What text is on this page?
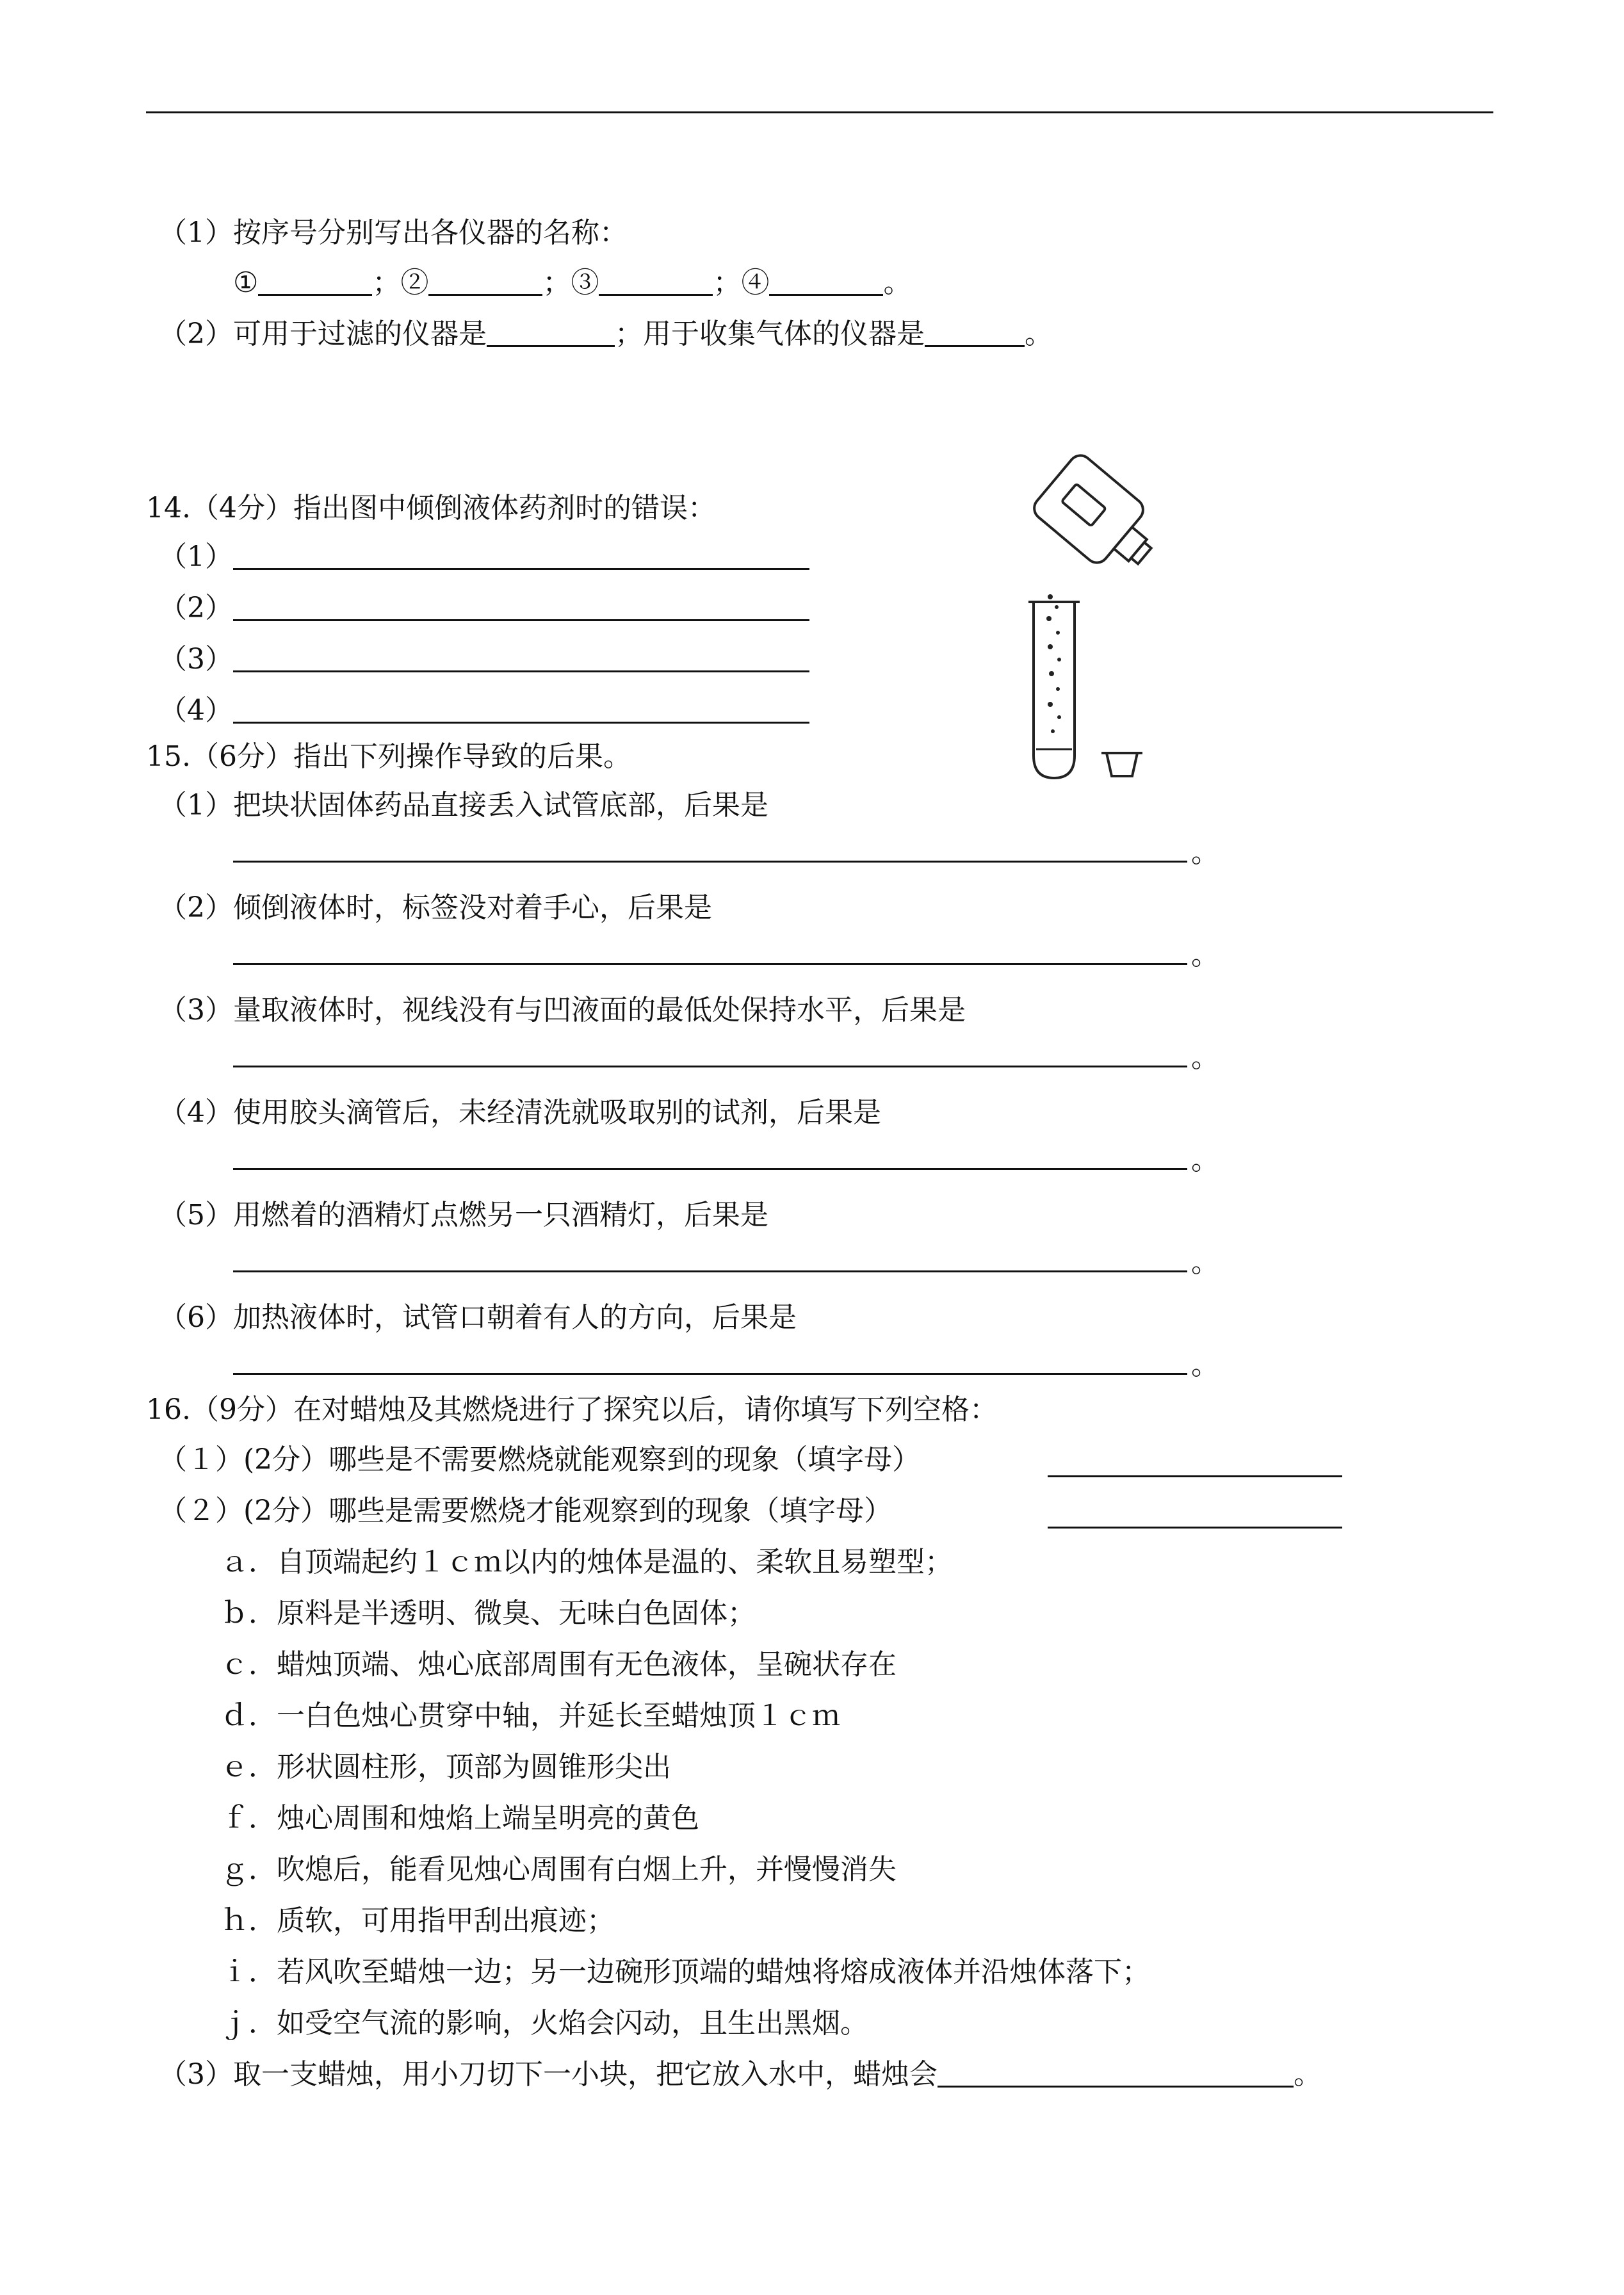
（1）按序号分别写出各仪器的名称：
①	；②	；③	；④	。
（2）可用于过滤的仪器是	；用于收集气体的仪器是	。
14.（4分）指出图中倾倒液体药剂时的错误：
（1）
（2）
（3）
（4）
15.（6分）指出下列操作导致的后果。
（1）把块状固体药品直接丢入试管底部，后果是
。
（2）倾倒液体时，标签没对着手心，后果是
。
（3）量取液体时，视线没有与凹液面的最低处保持水平，后果是
。
（4）使用胶头滴管后，未经清洗就吸取别的试剂，后果是
。
（5）用燃着的酒精灯点燃另一只酒精灯，后果是
。
（6）加热液体时，试管口朝着有人的方向，后果是
。
16.（9分）在对蜡烛及其燃烧进行了探究以后，请你填写下列空格：
（１）(2分）哪些是不需要燃烧就能观察到的现象（填字母）
（２）(2分）哪些是需要燃烧才能观察到的现象（填字母）
ａ．自顶端起约１ｃｍ以内的烛体是温的、柔软且易塑型；
ｂ．原料是半透明、微臭、无味白色固体；
ｃ．蜡烛顶端、烛心底部周围有无色液体，呈碗状存在
ｄ．一白色烛心贯穿中轴，并延长至蜡烛顶１ｃｍ
ｅ．形状圆柱形，顶部为圆锥形尖出
ｆ．烛心周围和烛焰上端呈明亮的黄色
ｇ．吹熄后，能看见烛心周围有白烟上升，并慢慢消失
ｈ．质软，可用指甲刮出痕迹；
ｉ．若风吹至蜡烛一边；另一边碗形顶端的蜡烛将熔成液体并沿烛体落下；
ｊ．如受空气流的影响，火焰会闪动，且生出黑烟。
（3）取一支蜡烛，用小刀切下一小块，把它放入水中，蜡烛会	。
